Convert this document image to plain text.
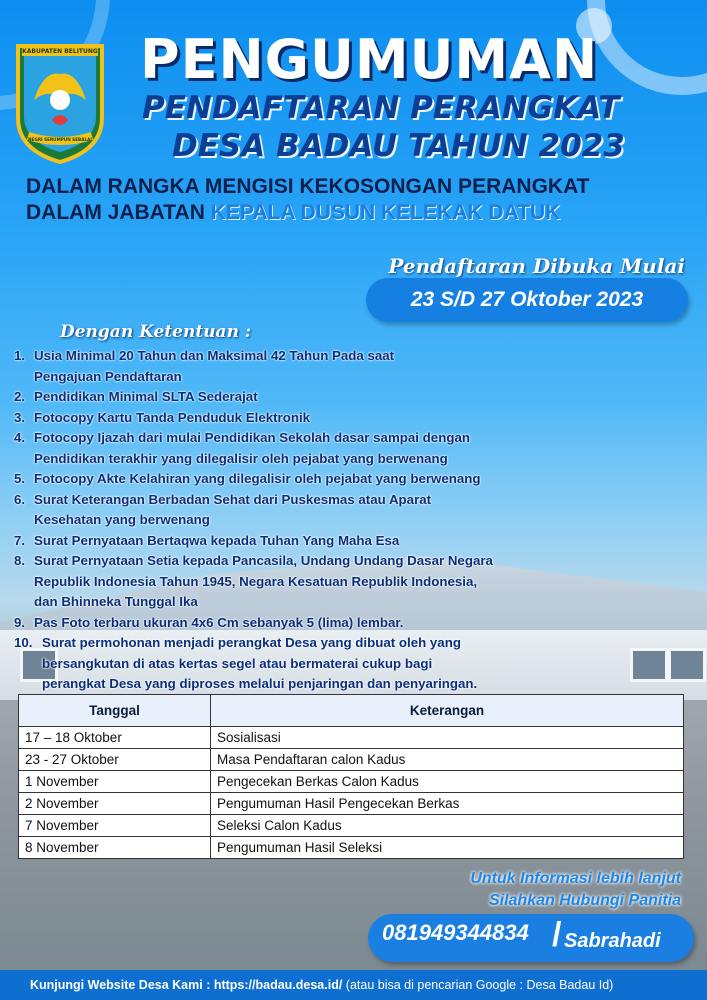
KABUPATEN BELITUNG
NEGRI SERUMPUN SEBALAI
PENGUMUMAN
PENDAFTARAN PERANGKAT
DESA BADAU TAHUN 2023
DALAM RANGKA MENGISI KEKOSONGAN PERANGKAT
DALAM JABATAN KEPALA DUSUN KELEKAK DATUK
Pendaftaran Dibuka Mulai
23 S/D 27 Oktober 2023
Dengan Ketentuan :
1. Usia Minimal 20 Tahun dan Maksimal 42 Tahun Pada saat
Pengajuan Pendaftaran
2. Pendidikan Minimal SLTA Sederajat
3. Fotocopy Kartu Tanda Penduduk Elektronik
4. Fotocopy Ijazah dari mulai Pendidikan Sekolah dasar sampai dengan
Pendidikan terakhir yang dilegalisir oleh pejabat yang berwenang
5. Fotocopy Akte Kelahiran yang dilegalisir oleh pejabat yang berwenang
6. Surat Keterangan Berbadan Sehat dari Puskesmas atau Aparat
Kesehatan yang berwenang
7. Surat Pernyataan Bertaqwa kepada Tuhan Yang Maha Esa
8. Surat Pernyataan Setia kepada Pancasila, Undang Undang Dasar Negara
Republik Indonesia Tahun 1945, Negara Kesatuan Republik Indonesia,
dan Bhinneka Tunggal Ika
9. Pas Foto terbaru ukuran 4x6 Cm sebanyak 5 (lima) lembar.
10. Surat permohonan menjadi perangkat Desa yang dibuat oleh yang
bersangkutan di atas kertas segel atau bermaterai cukup bagi
perangkat Desa yang diproses melalui penjaringan dan penyaringan.
Tanggal	Keterangan
17 – 18 Oktober	Sosialisasi
23 - 27 Oktober	Masa Pendaftaran calon Kadus
1 November	Pengecekan Berkas Calon Kadus
2 November	Pengumuman Hasil Pengecekan Berkas
7 November	Seleksi Calon Kadus
8 November	Pengumuman Hasil Seleksi
Untuk Informasi lebih lanjut
Silahkan Hubungi Panitia
081949344834 / Sabrahadi
Kunjungi Website Desa Kami : https://badau.desa.id/
(atau bisa di pencarian Google : Desa Badau Id)
